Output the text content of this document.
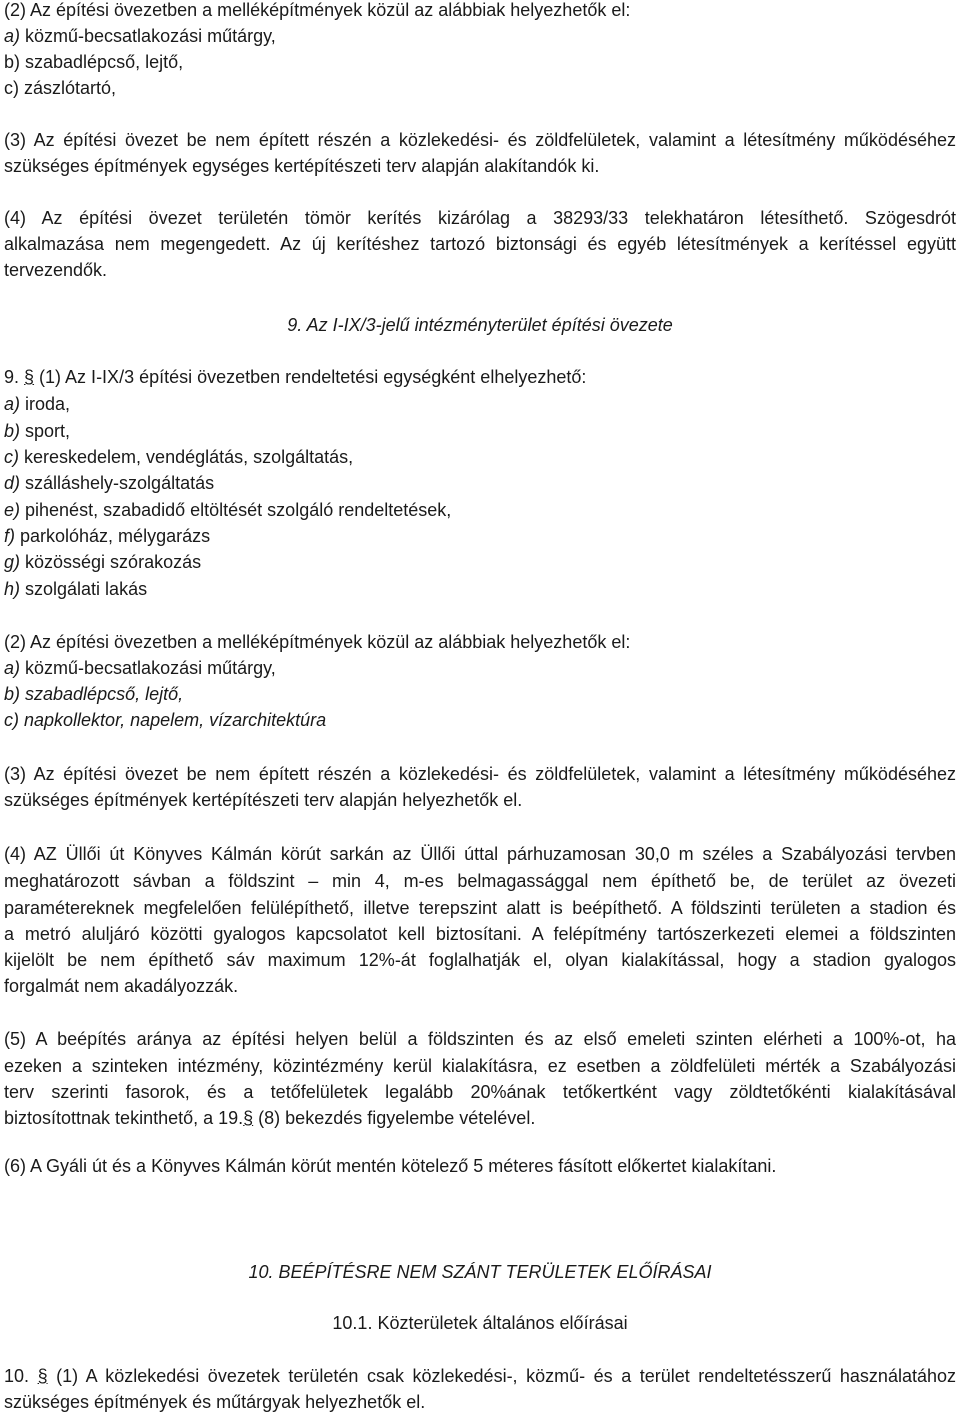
(2) Az építési övezetben a melléképítmények közül az alábbiak helyezhetők el:
a) közmű-becsatlakozási műtárgy,
b) szabadlépcső, lejtő,
c) zászlótartó,
(3) Az építési övezet be nem épített részén a közlekedési- és zöldfelületek, valamint a létesítmény működéséhez
szükséges építmények egységes kertépítészeti terv alapján alakítandók ki.
(4) Az építési övezet területén tömör kerítés kizárólag a 38293/33 telekhatáron létesíthető. Szögesdrót
alkalmazása nem megengedett. Az új kerítéshez tartozó biztonsági és egyéb létesítmények a kerítéssel együtt
tervezendők.
9. Az I-IX/3-jelű intézményterület építési övezete
9. § (1) Az I-IX/3 építési övezetben rendeltetési egységként elhelyezhető:
a) iroda,
b) sport,
c) kereskedelem, vendéglátás, szolgáltatás,
d) szálláshely-szolgáltatás
e) pihenést, szabadidő eltöltését szolgáló rendeltetések,
f) parkolóház, mélygarázs
g) közösségi szórakozás
h) szolgálati lakás
(2) Az építési övezetben a melléképítmények közül az alábbiak helyezhetők el:
a) közmű-becsatlakozási műtárgy,
b) szabadlépcső, lejtő,
c) napkollektor, napelem, vízarchitektúra
(3) Az építési övezet be nem épített részén a közlekedési- és zöldfelületek, valamint a létesítmény működéséhez
szükséges építmények kertépítészeti terv alapján helyezhetők el.
(4) AZ Üllői út Könyves Kálmán körút sarkán az Üllői úttal párhuzamosan 30,0 m széles a Szabályozási tervben
meghatározott sávban a földszint – min 4, m-es belmagassággal nem építhető be, de terület az övezeti
paramétereknek megfelelően felülépíthető, illetve terepszint alatt is beépíthető. A földszinti területen a stadion és
a metró aluljáró közötti gyalogos kapcsolatot kell biztosítani. A felépítmény tartószerkezeti elemei a földszinten
kijelölt be nem építhető sáv maximum 12%-át foglalhatják el, olyan kialakítással, hogy a stadion gyalogos
forgalmát nem akadályozzák.
(5) A beépítés aránya az építési helyen belül a földszinten és az első emeleti szinten elérheti a 100%-ot, ha
ezeken a szinteken intézmény, közintézmény kerül kialakításra, ez esetben a zöldfelületi mérték a Szabályozási
terv szerinti fasorok, és a tetőfelületek legalább 20%ának tetőkertként vagy zöldtetőkénti kialakításával
biztosítottnak tekinthető, a 19.§ (8) bekezdés figyelembe vételével.
(6) A Gyáli út és a Könyves Kálmán körút mentén kötelező 5 méteres fásított előkertet kialakítani.
10. BEÉPÍTÉSRE NEM SZÁNT TERÜLETEK ELŐÍRÁSAI
10.1. Közterületek általános előírásai
10. § (1) A közlekedési övezetek területén csak közlekedési-, közmű- és a terület rendeltetésszerű használatához
szükséges építmények és műtárgyak helyezhetők el.
